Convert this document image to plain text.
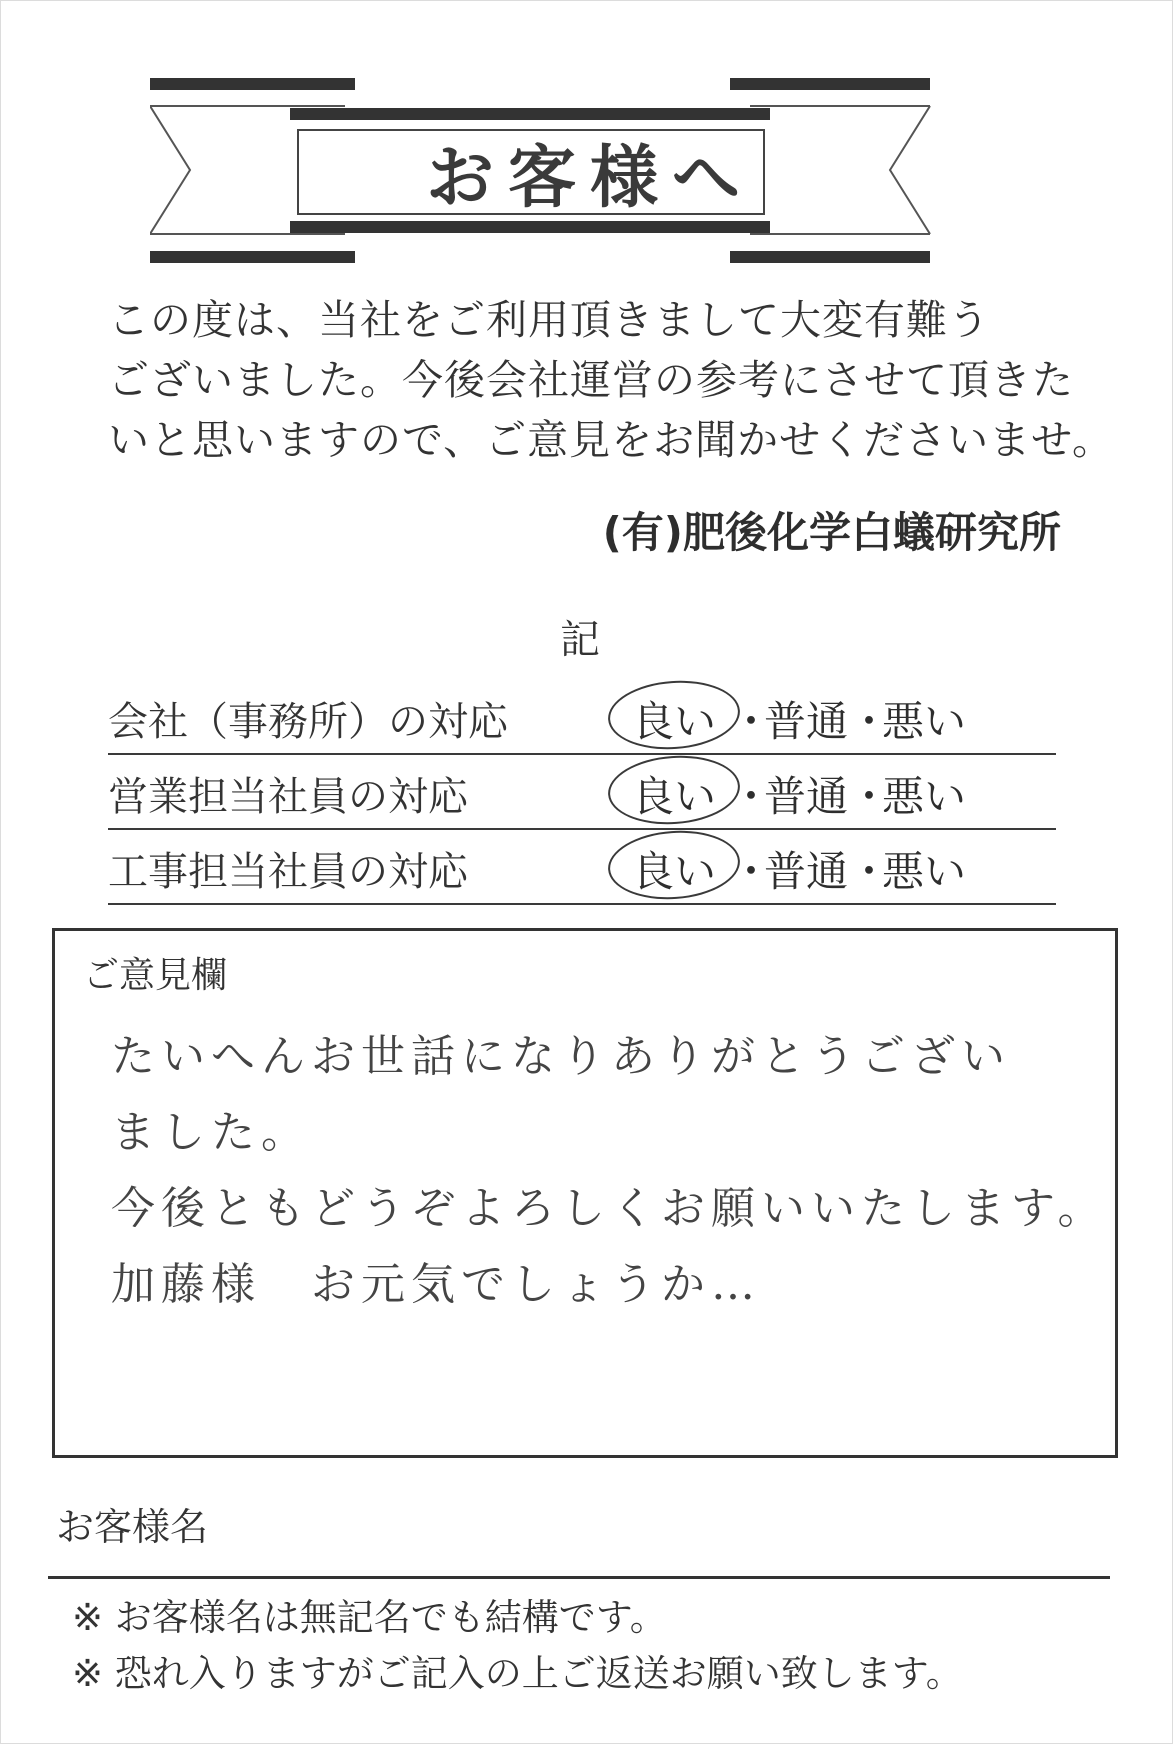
お客様へ
この度は、当社をご利用頂きまして大変有難う
ございました。今後会社運営の参考にさせて頂きた
いと思いますので、ご意見をお聞かせくださいませ。
(有)肥後化学白蟻研究所
記
会社（事務所）の対応	良い ・普通・悪い
営業担当社員の対応	良い ・普通・悪い
工事担当社員の対応	良い ・普通・悪い
ご意見欄
たいへんお世話になりありがとうござい
ました。
今後ともどうぞよろしくお願いいたします。
加藤様　お元気でしょうか…
お客様名
※ お客様名は無記名でも結構です。
※ 恐れ入りますがご記入の上ご返送お願い致します。
